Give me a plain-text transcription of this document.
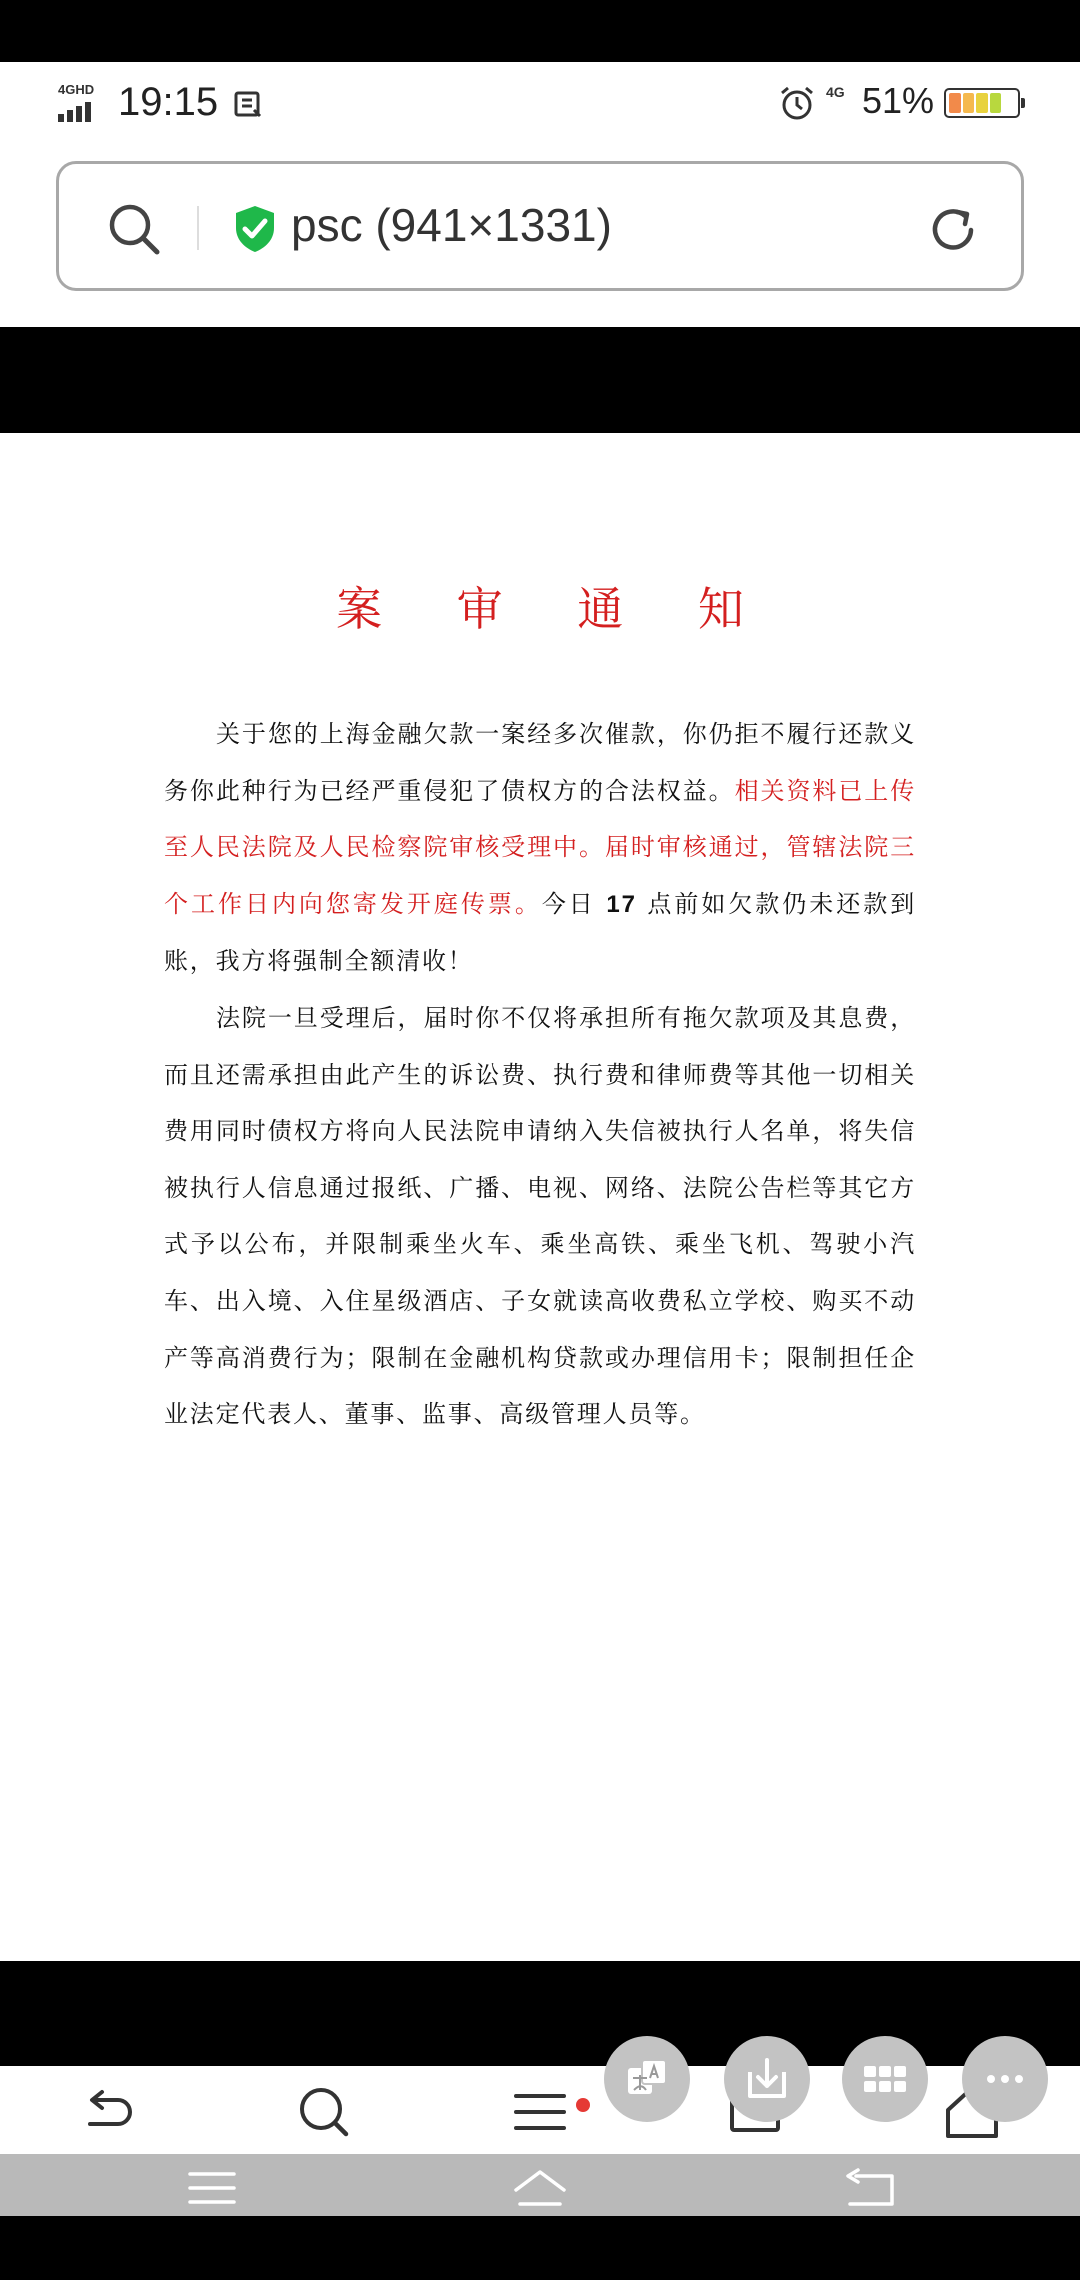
4GHD 19:15	4G 51%
psc (941×1331)
案 审 通 知

关于您的上海金融欠款一案经多次催款，你仍拒不履行还款义务你此种行为已经严重侵犯了债权方的合法权益。相关资料已上传至人民法院及人民检察院审核受理中。届时审核通过，管辖法院三个工作日内向您寄发开庭传票。今日 17 点前如欠款仍未还款到账，我方将强制全额清收！

法院一旦受理后，届时你不仅将承担所有拖欠款项及其息费，而且还需承担由此产生的诉讼费、执行费和律师费等其他一切相关费用同时债权方将向人民法院申请纳入失信被执行人名单，将失信被执行人信息通过报纸、广播、电视、网络、法院公告栏等其它方式予以公布，并限制乘坐火车、乘坐高铁、乘坐飞机、驾驶小汽车、出入境、入住星级酒店、子女就读高收费私立学校、购买不动产等高消费行为；限制在金融机构贷款或办理信用卡；限制担任企业法定代表人、董事、监事、高级管理人员等。
